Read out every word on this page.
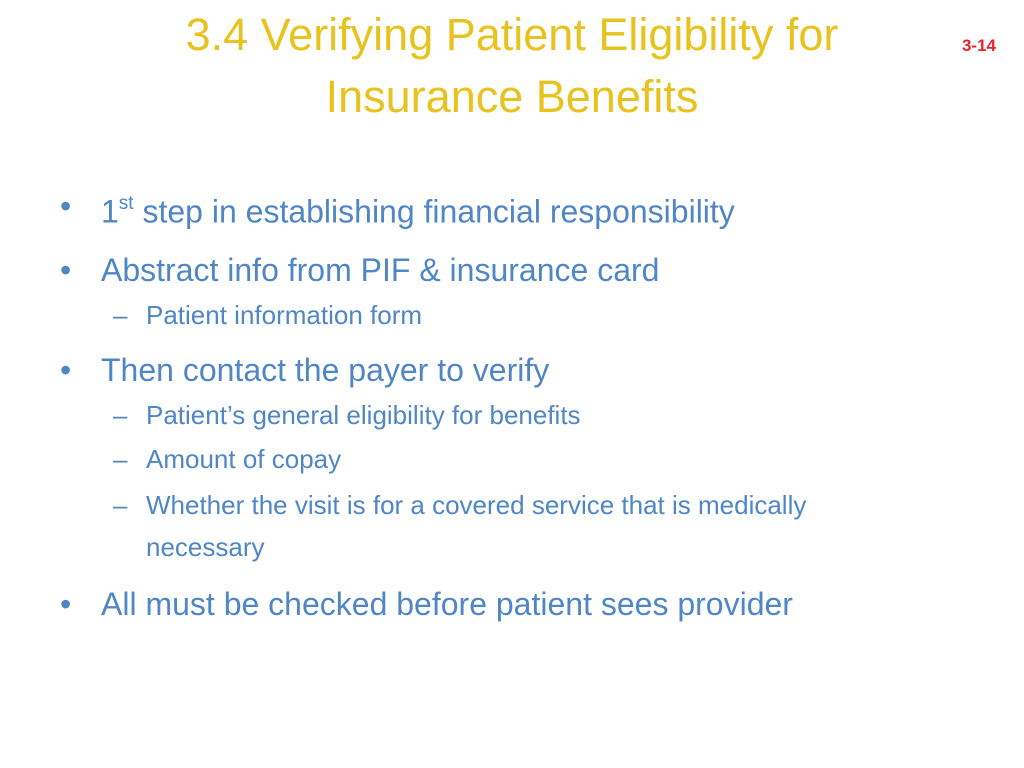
3.4 Verifying Patient Eligibility for
Insurance Benefits
3-14
• 1st step in establishing financial responsibility
• Abstract info from PIF & insurance card
– Patient information form
• Then contact the payer to verify
– Patient’s general eligibility for benefits
– Amount of copay
– Whether the visit is for a covered service that is medically necessary
• All must be checked before patient sees provider
